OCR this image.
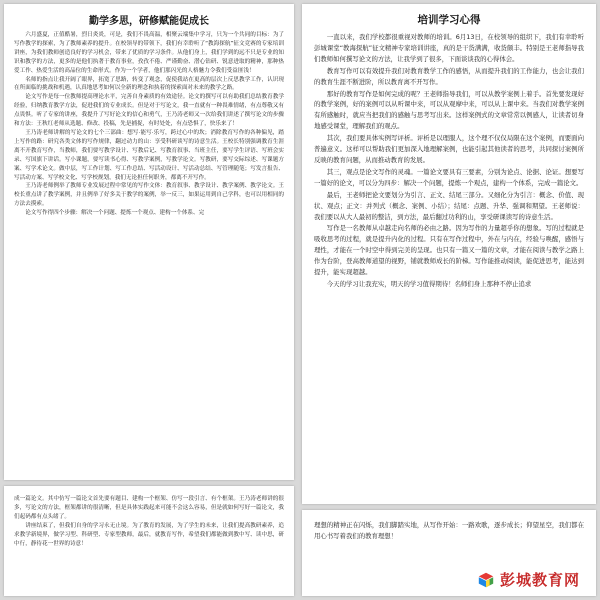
勤学多思，研修赋能促成长

六月盛夏，正值酷暑，烈日炎炎，可是，我们不畏高温，相聚云端集中学习，只为一个共同的目标：为了写作教学的探索，为了教师素养的提升。在校领导的带领下，我们有幸聆听了“教海探航”征文竞赛的专家培训讲座，为我们教师创造良好的学习机会，带来了优质的学习条件。从他们身上，我们学到的远不只是专业的知识和教学的方法，更多的是他们执著于教育事业，孜孜不倦、严谨勤奋、潜心钻研、锐意进取的精神，那种热爱工作、热爱生活的高品位的生命形式。作为一个学者，他们那闪光的人格魅力令我们受益匪浅！

名师的指点让我开阔了眼界，拓宽了思路，转变了观念，促使我站在更高的层次上反思教学工作，认识现在所面临的挑战和机遇，认真地思考如何以全新的理念和执着的探索面对未来的教学之路。

论文写作是每一位教师提高理论水平，完善自身素质的有效途径。论文的撰写可以有助我们总结教育教学经验，归纳教育教学方法，促进我们的专业成长。但是对于写论文，我一直就有一种畏难情绪，有点尊敬又有点畏惧。听了专家的讲座，我提升了写好论文的信心和勇气，王乃涛老师又一次给我们讲述了撰写论文的步骤和方法：王秋红老师从选题、修改、投稿，先是捕捉，有时处处，有点恐惧了，快乐来了！

王乃涛老师讲解的写论文的七个三部曲：想写·能写·乐写，跨过心中的坎；消除教育写作的各种偏见，踏上写作的路：研究各类文体的写作规律，翻过动力的山：享受科研谈写的诗意生活。王校长特别强调教育生涯离不开教育写作，当教师，我们要写教学设计、写教后记、写教育叙事、当班主任，要写学生评语、写班会实录、写国旗下讲话。写小课题，要写读书心得、写教学案例，写教学论文。写教研，要写交际综述、写课题方案、写学术论文。做中层，写工作计划、写工作总结、写活动设计、写活动总结、写管理随笔；写发言报告、写活动方案、写学校文化、写学校规划，我们无论担任何职务，都离不开写作。

王乃涛老师例举了教师专业发展过程中常见的写作文体：教育叙事、教学设计、教学案例、教学论文。王校长重点讲了教学案例，并且例举了好多关于教学的案例，举一反三，如果运用到自己学科，也可以用相同的方法去摸索。

论文写作得四个步骤：解决一个问题、提炼一个观点、建构一个体系、完

培训学习心得

一直以来，我们学校都很重视对教师的培训。6月13日，在校领导的组织下，我们有幸聆听彭城课堂“教海探航”征文精神专家培训讲座，真的是干货满满，收货颇丰。特别是王老师指导我们教师如何撰写论文的方法，让我学到了很多，下面谈谈我的心得体会。

教育写作可以有效提升我们对教育教学工作的感悟，从而提升我们的工作能力，也会让我们的教育生涯不断进阶，所以教育离不开写作。

那好的教育写作是如何完成的呢？王老师指导我们，可以从教学案例上着手。首先要发现好的教学案例，好的案例可以从听课中来，可以从观摩中来，可以从上课中来。当我们对教学案例有所感触时，就应当把我们的感触与思考写出来。这样案例式的文章常常以例感人，让读者切身地感受课堂，理解我们的观点。

其次，我们要具体实例写评析。评析是以理服人，这个理不仅仅局限在这个案例，而要面向普遍意义。这样可以帮助我们更加深入地理解案例，也能引起其他读者的思考，共同探讨案例所反映的教育问题，从而推动教育的发展。

其三，观点是论文写作的灵魂。一篇论文要具有三要素，分别为论点、论据、论证。想要写一篇好的论文，可以分为四步：解决一个问题，提炼一个观点，建构一个体系，完成一篇论文。

最后，王老师把论文要划分为引言、正文、结尾三部分。又细化分为引言：概念、价值、现状、观点；正文：并列式（概念、案例、小结）；结尾：点题、升华、强调和期望。王老师说：我们要以从大人最初的整洁，到方法，最后翻过功利的山，享受研课读写的诗意生活。

写作是一名教师从卓越走向名师的必由之路。因为写作的力量超乎你的想象。写的过程就是吸收思考的过程，就是提升内化的过程。只有在写作过程中，外在与内在，经验与唤醒，感悟与理性，才能在一个时空中得到完美的呈现。也只有一篇又一篇的文章，才能在阅读与教学之路上作为台阶，登高教师道望的视野，铺就教师成长的阶梯。写作能推动阅读，能促进思考，能达到提升，能实现超越。

今天的学习让我充实，明天的学习值得期待！名师们身上那种不停止追求

成一篇论文。其中仿写一篇论文首先要有题目、建构一个框架、仿写一段引言、有个框架。王乃涛老师讲的很多，写论文的方法，框架都讲的很清晰，但是具体实践起来可能不会这么容易，但是就如何写好一篇论文，我们起码都有点头绪了。

讲座结束了，但我们自身的学习永无止境。为了教育的发展，为了学生的未来，让我们提高教研素养，追求教学新境界，做学习型、科研型、专家型教师，最后，就教育写作，希望我们都能做到教中写、读中思，研中行，静待花一世界的诗意！

理想的精神正在闪烁，我们脚踏实地，从写作开始：一路欢歌，逐步成长；仰望星空，我们都在用心书写着我们的教育理想！

彭城教育网
